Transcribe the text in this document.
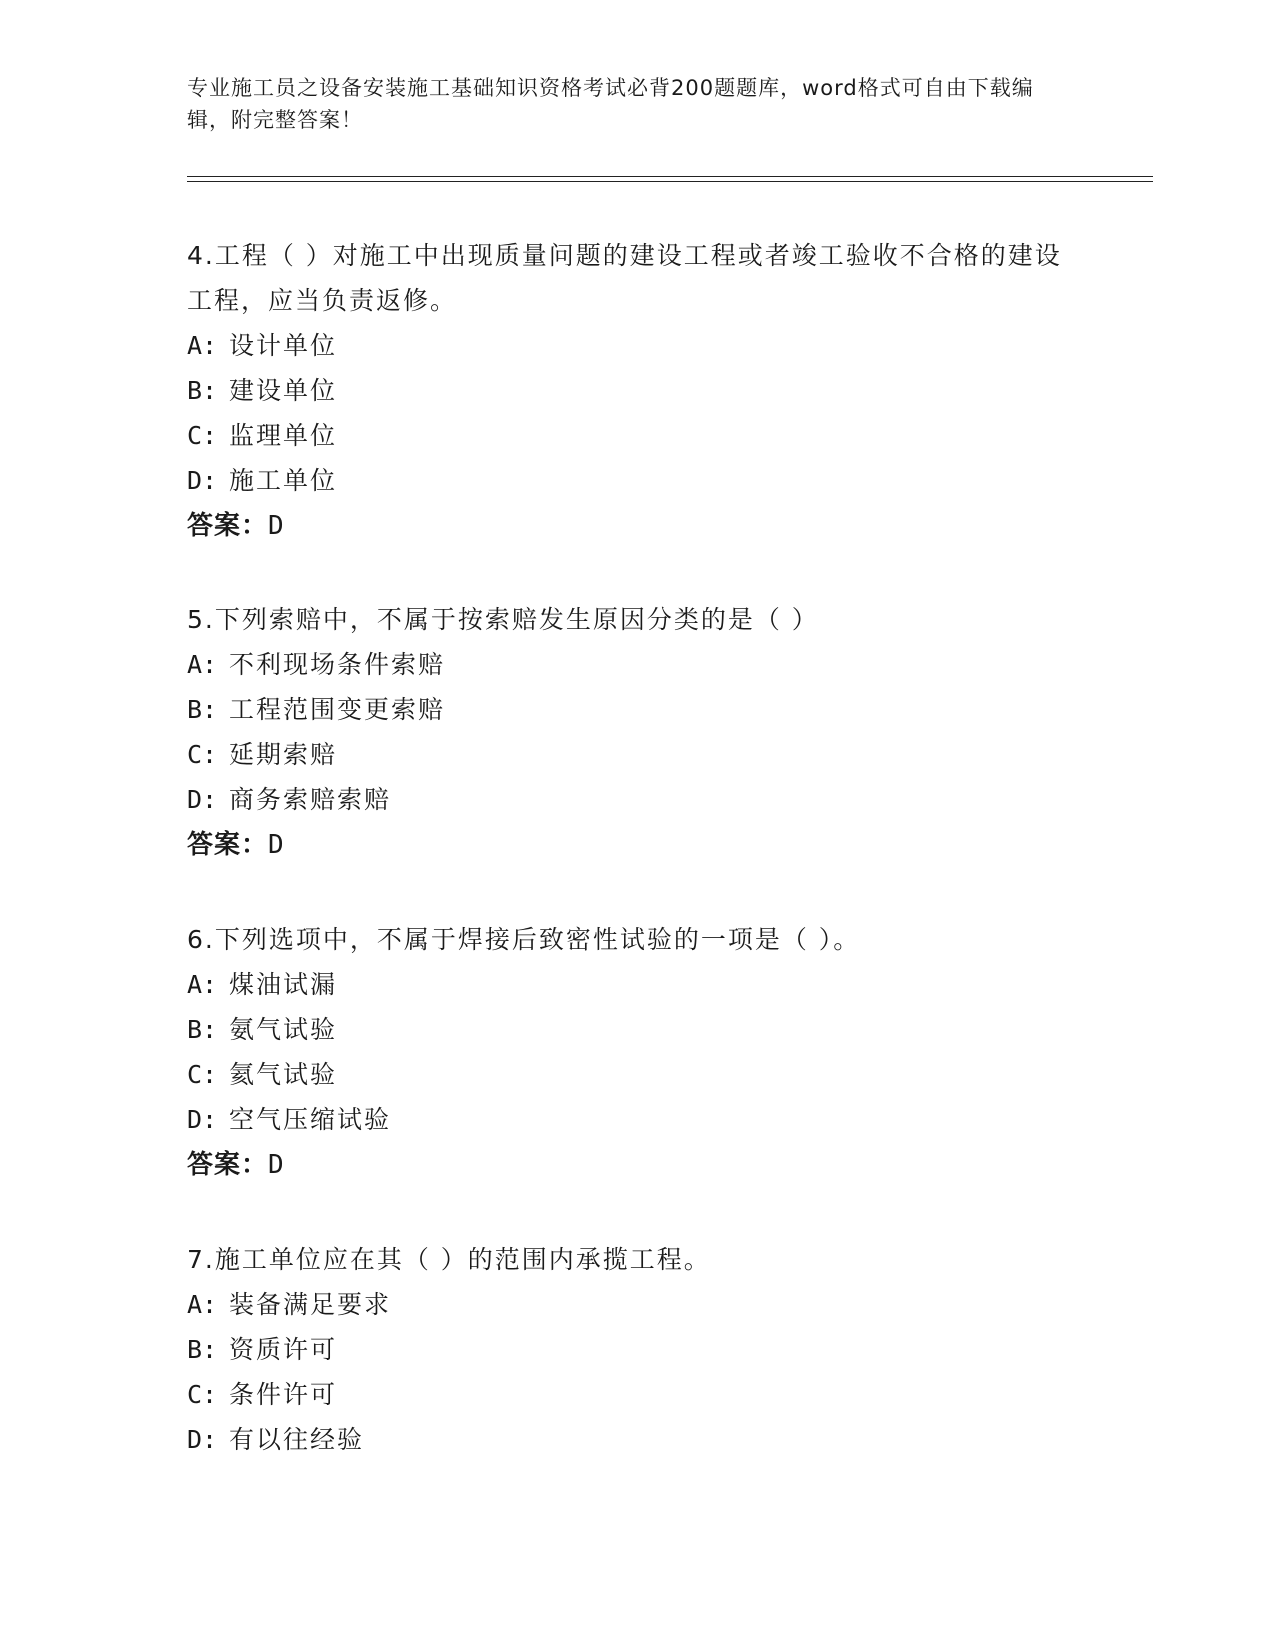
专业施工员之设备安装施工基础知识资格考试必背200题题库，word格式可自由下载编辑，附完整答案！

4.工程（ ）对施工中出现质量问题的建设工程或者竣工验收不合格的建设工程，应当负责返修。

A: 设计单位
B: 建设单位
C: 监理单位
D: 施工单位

答案：D

5.下列索赔中，不属于按索赔发生原因分类的是（ ）

A: 不利现场条件索赔
B: 工程范围变更索赔
C: 延期索赔
D: 商务索赔索赔

答案：D

6.下列选项中，不属于焊接后致密性试验的一项是（ ）。

A: 煤油试漏
B: 氨气试验
C: 氦气试验
D: 空气压缩试验

答案：D

7.施工单位应在其（ ）的范围内承揽工程。

A: 装备满足要求
B: 资质许可
C: 条件许可
D: 有以往经验
